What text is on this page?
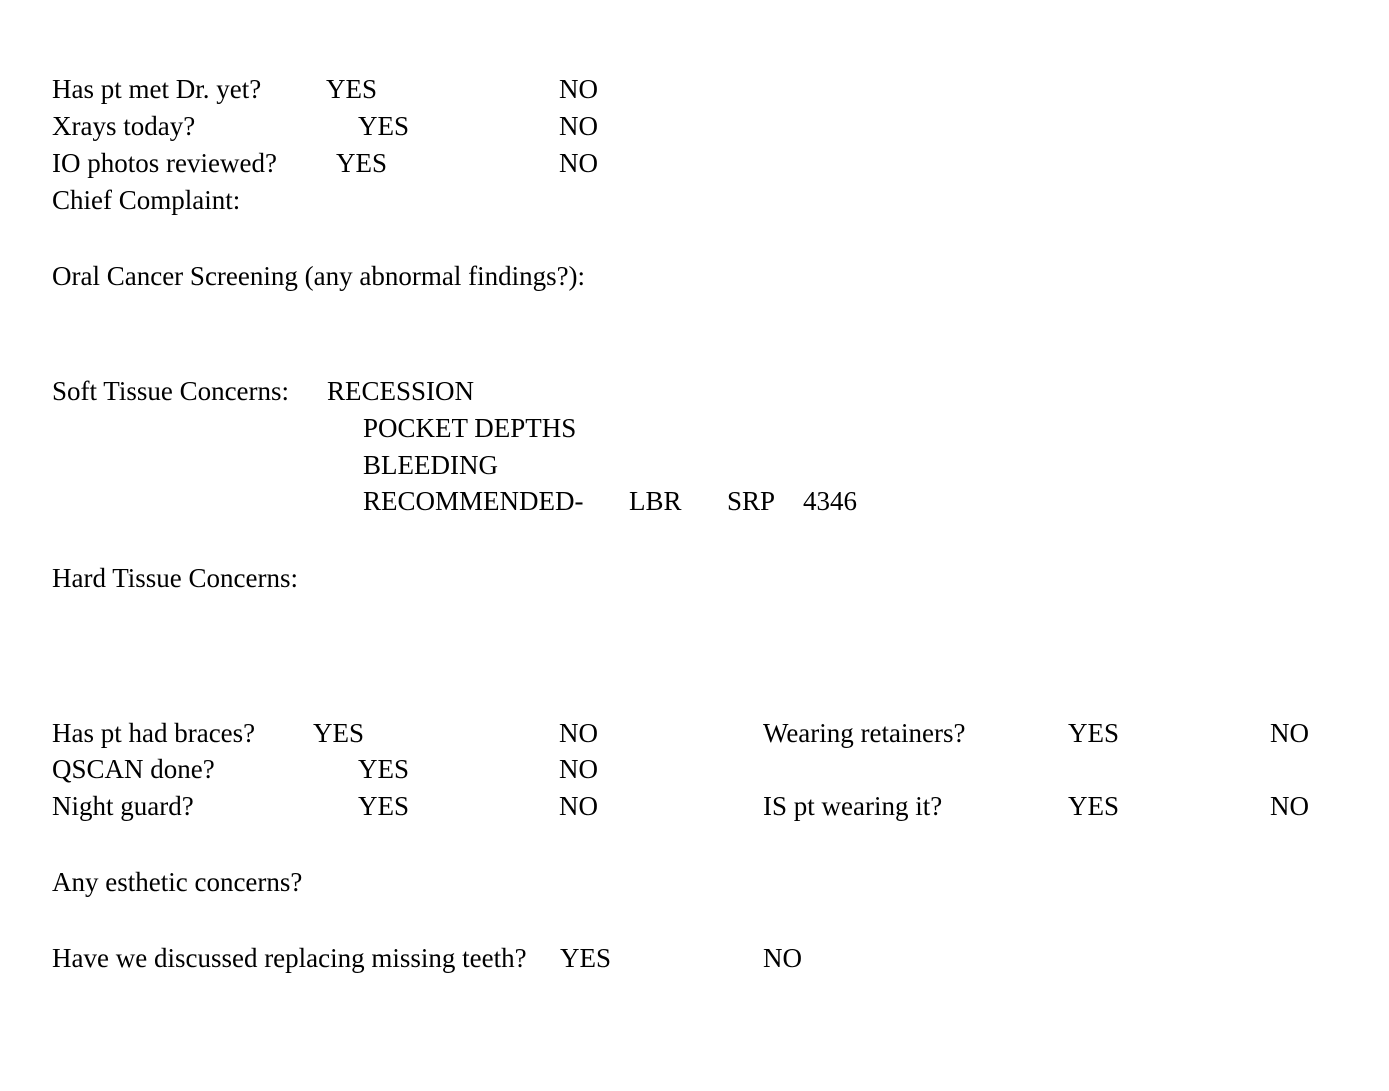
Has pt met Dr. yet? YES	NO
Xrays today?	YES	NO
IO photos reviewed? YES	NO
Chief Complaint:
Oral Cancer Screening (any abnormal findings?):
Soft Tissue Concerns: RECESSION
POCKET DEPTHS
BLEEDING
RECOMMENDED- LBR SRP 4346
Hard Tissue Concerns:
Has pt had braces? YES	NO	Wearing retainers?	YES	NO
QSCAN done?	YES	NO
Night guard?	YES	NO	IS pt wearing it?	YES	NO
Any esthetic concerns?
Have we discussed replacing missing teeth? YES	NO
